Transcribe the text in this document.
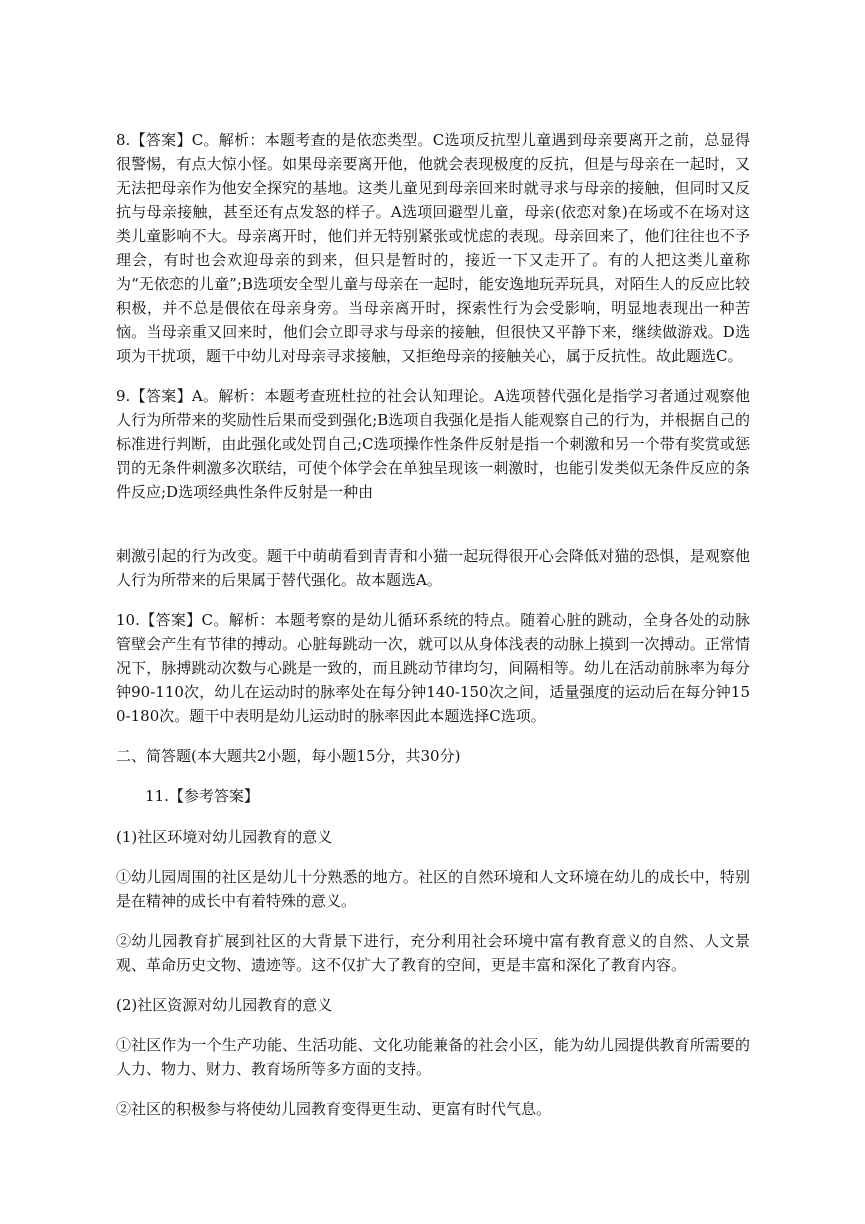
8.【答案】C。解析：本题考查的是依恋类型。C选项反抗型儿童遇到母亲要离开之前，总显得很警惕，有点大惊小怪。如果母亲要离开他，他就会表现极度的反抗，但是与母亲在一起时，又无法把母亲作为他安全探究的基地。这类儿童见到母亲回来时就寻求与母亲的接触，但同时又反抗与母亲接触，甚至还有点发怒的样子。A选项回避型儿童，母亲(依恋对象)在场或不在场对这类儿童影响不大。母亲离开时，他们并无特别紧张或忧虑的表现。母亲回来了，他们往往也不予理会，有时也会欢迎母亲的到来，但只是暂时的，接近一下又走开了。有的人把这类儿童称为“无依恋的儿童”;B选项安全型儿童与母亲在一起时，能安逸地玩弄玩具，对陌生人的反应比较积极，并不总是偎依在母亲身旁。当母亲离开时，探索性行为会受影响，明显地表现出一种苦恼。当母亲重又回来时，他们会立即寻求与母亲的接触，但很快又平静下来，继续做游戏。D选项为干扰项，题干中幼儿对母亲寻求接触，又拒绝母亲的接触关心，属于反抗性。故此题选C。

9.【答案】A。解析：本题考查班杜拉的社会认知理论。A选项替代强化是指学习者通过观察他人行为所带来的奖励性后果而受到强化;B选项自我强化是指人能观察自己的行为，并根据自己的标准进行判断，由此强化或处罚自己;C选项操作性条件反射是指一个刺激和另一个带有奖赏或惩罚的无条件刺激多次联结，可使个体学会在单独呈现该一刺激时，也能引发类似无条件反应的条件反应;D选项经典性条件反射是一种由

刺激引起的行为改变。题干中萌萌看到青青和小猫一起玩得很开心会降低对猫的恐惧，是观察他人行为所带来的后果属于替代强化。故本题选A。

10.【答案】C。解析：本题考察的是幼儿循环系统的特点。随着心脏的跳动，全身各处的动脉管壁会产生有节律的搏动。心脏每跳动一次，就可以从身体浅表的动脉上摸到一次搏动。正常情况下，脉搏跳动次数与心跳是一致的，而且跳动节律均匀，间隔相等。幼儿在活动前脉率为每分钟90-110次，幼儿在运动时的脉率处在每分钟140-150次之间，适量强度的运动后在每分钟150-180次。题干中表明是幼儿运动时的脉率因此本题选择C选项。

二、简答题(本大题共2小题，每小题15分，共30分)

11.【参考答案】

(1)社区环境对幼儿园教育的意义

①幼儿园周围的社区是幼儿十分熟悉的地方。社区的自然环境和人文环境在幼儿的成长中，特别是在精神的成长中有着特殊的意义。

②幼儿园教育扩展到社区的大背景下进行，充分利用社会环境中富有教育意义的自然、人文景观、革命历史文物、遗迹等。这不仅扩大了教育的空间，更是丰富和深化了教育内容。

(2)社区资源对幼儿园教育的意义

①社区作为一个生产功能、生活功能、文化功能兼备的社会小区，能为幼儿园提供教育所需要的人力、物力、财力、教育场所等多方面的支持。

②社区的积极参与将使幼儿园教育变得更生动、更富有时代气息。
